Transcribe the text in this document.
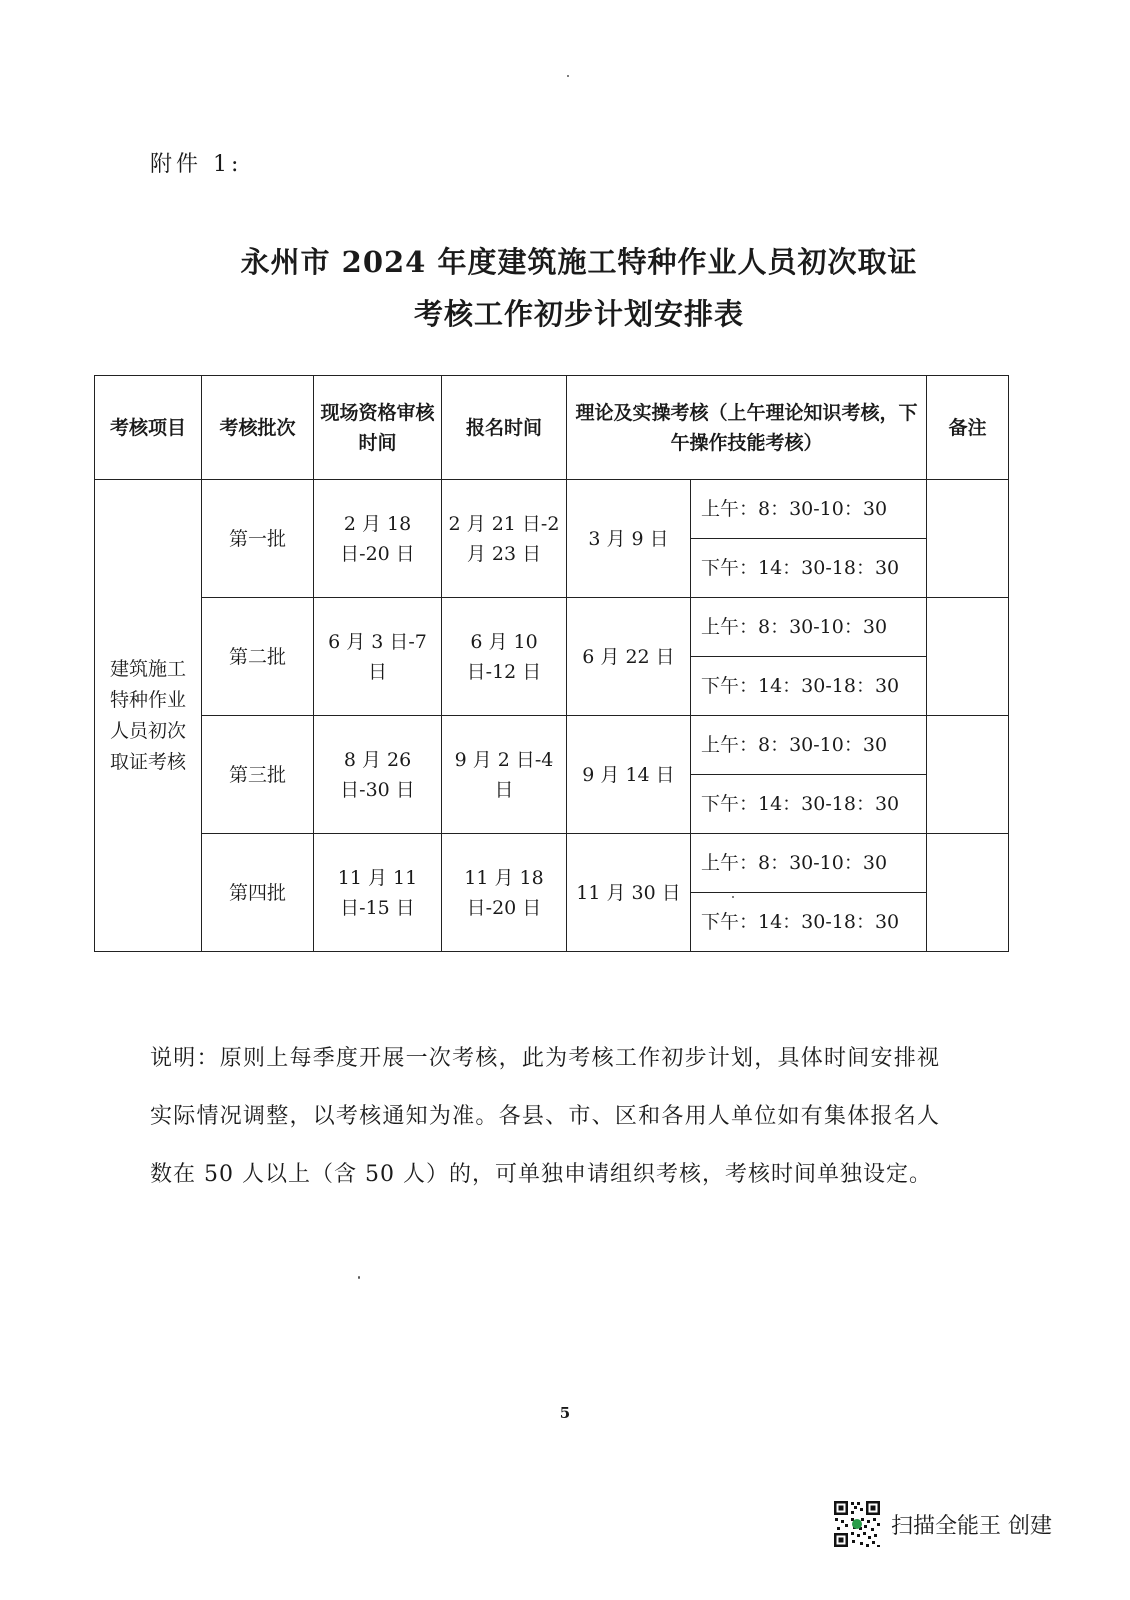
附件 1:
永州市 2024 年度建筑施工特种作业人员初次取证
考核工作初步计划安排表
考核项目	考核批次	现场资格审核时间	报名时间	理论及实操考核（上午理论知识考核，下午操作技能考核）		备注
建筑施工特种作业人员初次取证考核	第一批	2 月 18 日-20 日	2 月 21 日-2 月 23 日	3 月 9 日	上午：8：30-10：30	
					下午：14：30-18：30	
	第二批	6 月 3 日-7 日	6 月 10 日-12 日	6 月 22 日	上午：8：30-10：30	
					下午：14：30-18：30	
	第三批	8 月 26 日-30 日	9 月 2 日-4 日	9 月 14 日	上午：8：30-10：30	
					下午：14：30-18：30	
	第四批	11 月 11 日-15 日	11 月 18 日-20 日	11 月 30 日	上午：8：30-10：30	
					下午：14：30-18：30	
说明：原则上每季度开展一次考核，此为考核工作初步计划，具体时间安排视实际情况调整，以考核通知为准。各县、市、区和各用人单位如有集体报名人数在 50 人以上（含 50 人）的，可单独申请组织考核，考核时间单独设定。
5
扫描全能王 创建
